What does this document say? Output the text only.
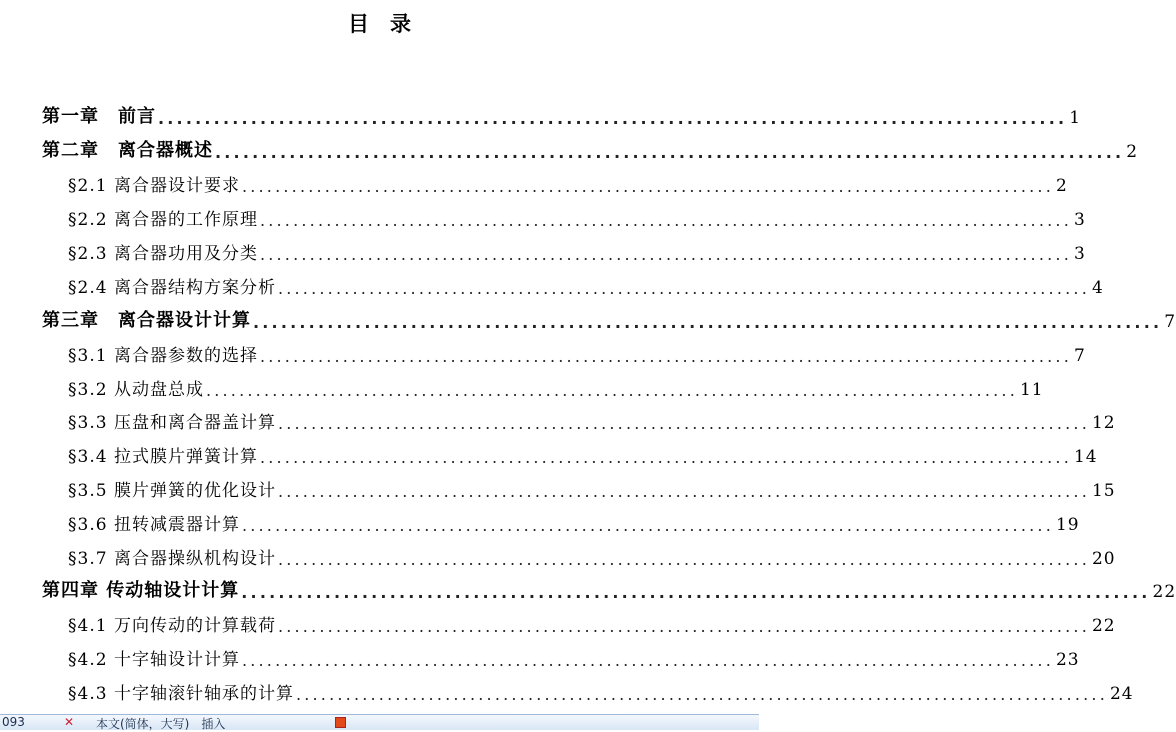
目　录
第一章　前言 .................................................................................................. 1
第二章　离合器概述 .................................................................................................. 2
§2.1 离合器设计要求 .................................................................................................. 2
§2.2 离合器的工作原理 .................................................................................................. 3
§2.3 离合器功用及分类 .................................................................................................. 3
§2.4 离合器结构方案分析 .................................................................................................. 4
第三章　离合器设计计算 .................................................................................................. 7
§3.1 离合器参数的选择 .................................................................................................. 7
§3.2 从动盘总成 .................................................................................................. 11
§3.3 压盘和离合器盖计算 .................................................................................................. 12
§3.4 拉式膜片弹簧计算 .................................................................................................. 14
§3.5 膜片弹簧的优化设计 .................................................................................................. 15
§3.6 扭转减震器计算 .................................................................................................. 19
§3.7 离合器操纵机构设计 .................................................................................................. 20
第四章 传动轴设计计算 .................................................................................................. 22
§4.1 万向传动的计算载荷 .................................................................................................. 22
§4.2 十字轴设计计算 .................................................................................................. 23
§4.3 十字轴滚针轴承的计算 .................................................................................................. 24
093	✕	本文(简体，大写)　插入
